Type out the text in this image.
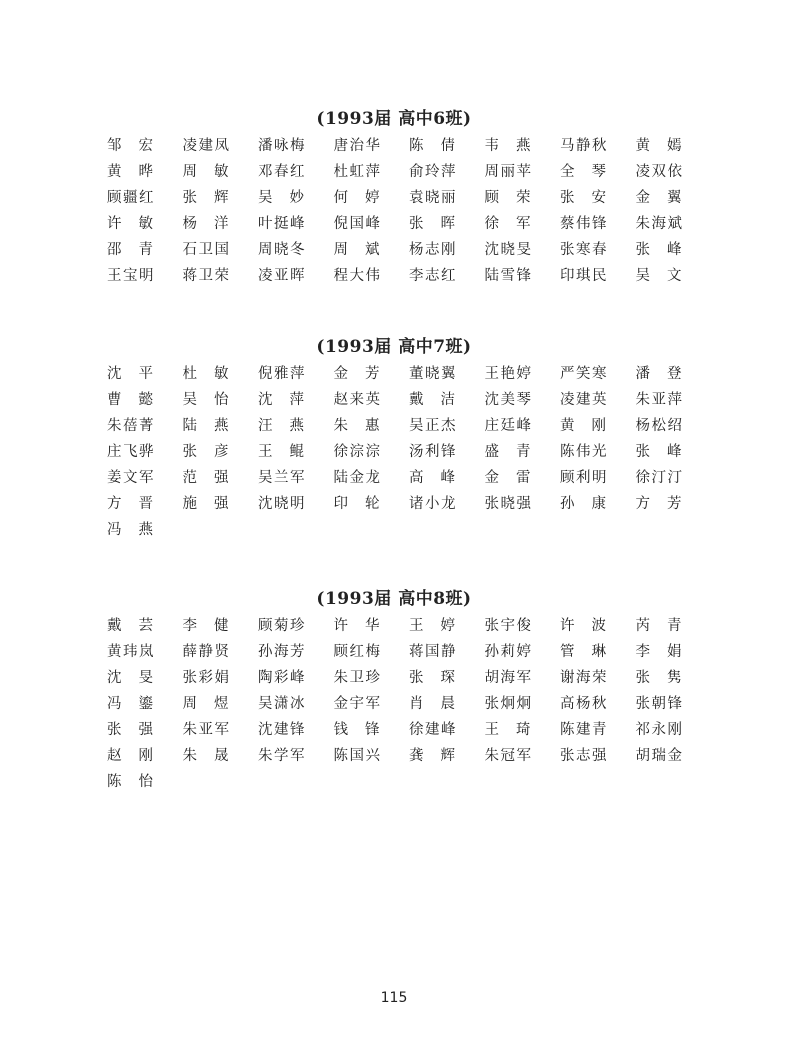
(1993届 高中6班)
邹 宏 凌建凤 潘咏梅 唐治华 陈 倩 韦 燕 马静秋 黄 嫣
黄 晔 周 敏 邓春红 杜虹萍 俞玲萍 周丽苹 全 琴 凌双依
顾疆红 张 辉 吴 妙 何 婷 袁晓丽 顾 荣 张 安 金 翼
许 敏 杨 洋 叶挺峰 倪国峰 张 晖 徐 军 蔡伟锋 朱海斌
邵 青 石卫国 周晓冬 周 斌 杨志刚 沈晓旻 张寒春 张 峰
王宝明 蒋卫荣 凌亚晖 程大伟 李志红 陆雪锋 印琪民 吴 文
(1993届 高中7班)
沈 平 杜 敏 倪雅萍 金 芳 董晓翼 王艳婷 严笑寒 潘 登
曹 懿 吴 怡 沈 萍 赵来英 戴 洁 沈美琴 凌建英 朱亚萍
朱蓓菁 陆 燕 汪 燕 朱 惠 吴正杰 庄廷峰 黄 刚 杨松绍
庄飞骅 张 彦 王 鲲 徐淙淙 汤利锋 盛 青 陈伟光 张 峰
姜文军 范 强 吴兰军 陆金龙 高 峰 金 雷 顾利明 徐汀汀
方 晋 施 强 沈晓明 印 轮 诸小龙 张晓强 孙 康 方 芳
冯 燕
(1993届 高中8班)
戴 芸 李 健 顾菊珍 许 华 王 婷 张宇俊 许 波 芮 青
黄玮岚 薛静贤 孙海芳 顾红梅 蒋国静 孙莉婷 管 琳 李 娟
沈 旻 张彩娟 陶彩峰 朱卫珍 张 琛 胡海军 谢海荣 张 隽
冯 鎏 周 煜 吴潇冰 金宇军 肖 晨 张炯炯 高杨秋 张朝锋
张 强 朱亚军 沈建锋 钱 锋 徐建峰 王 琦 陈建青 祁永刚
赵 刚 朱 晟 朱学军 陈国兴 龚 辉 朱冠军 张志强 胡瑞金
陈 怡
115
